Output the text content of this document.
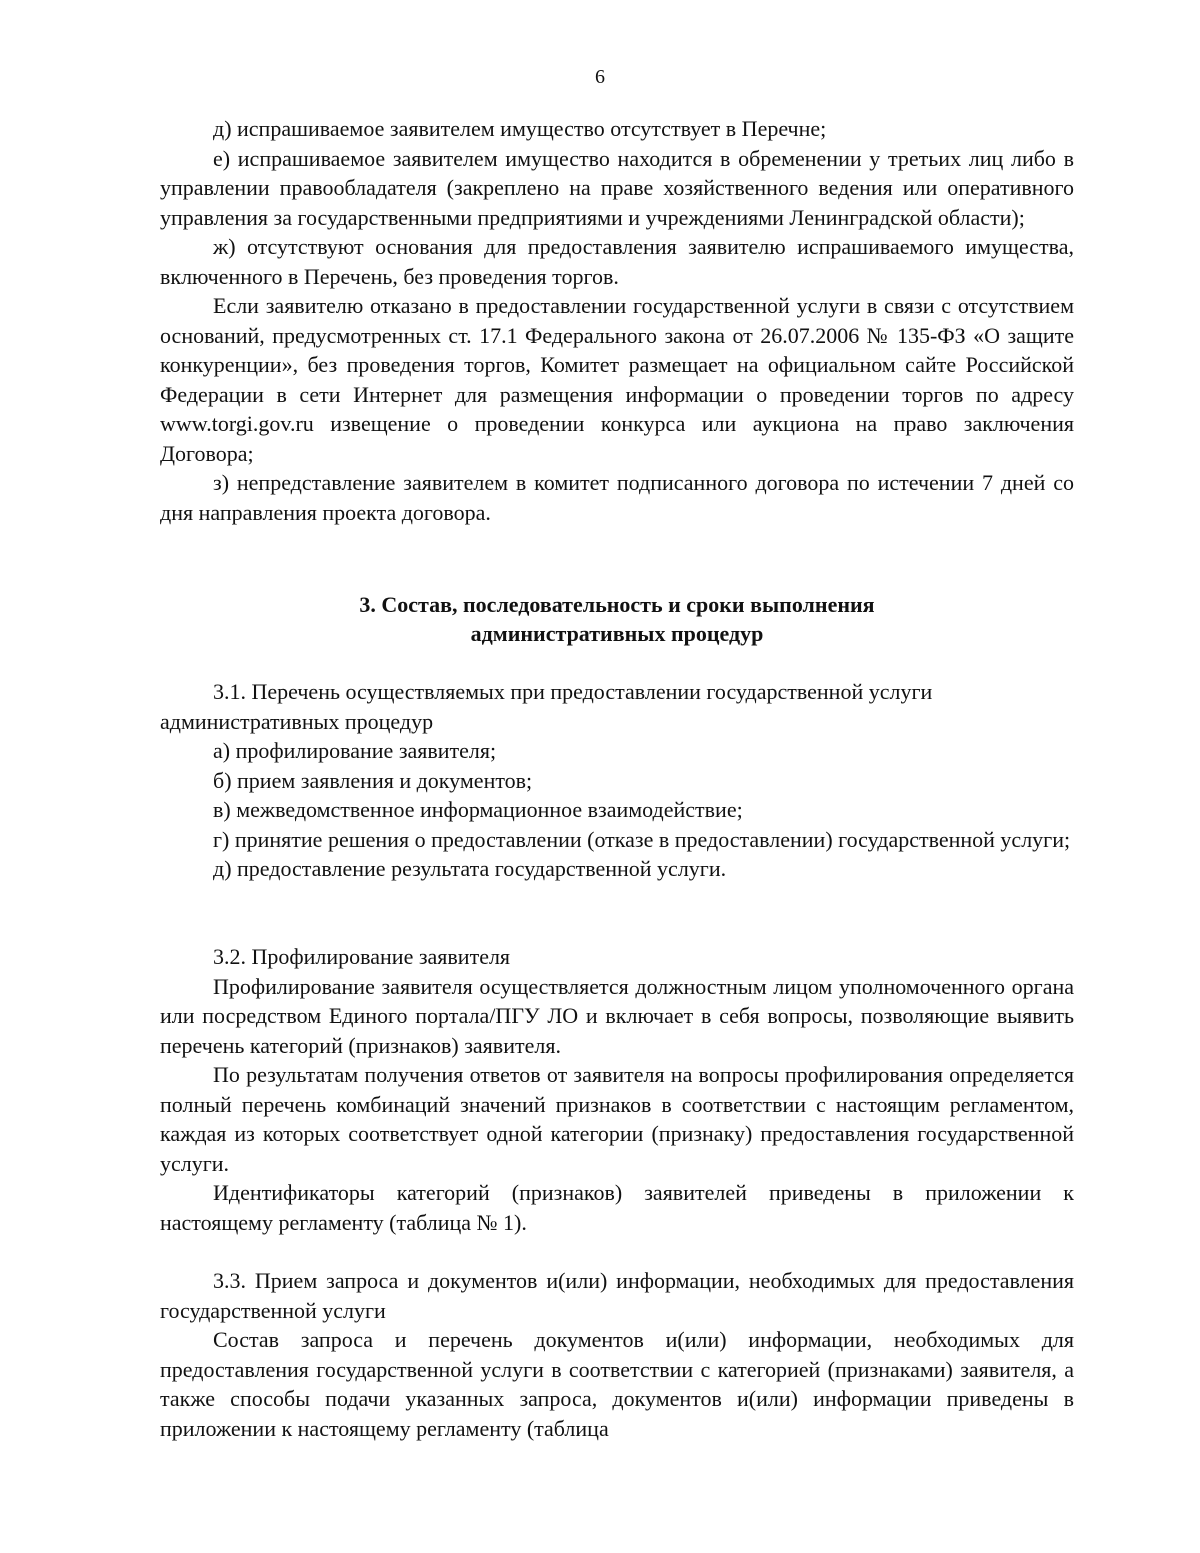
6

д) испрашиваемое заявителем имущество отсутствует в Перечне;

е) испрашиваемое заявителем имущество находится в обременении у третьих лиц либо в управлении правообладателя (закреплено на праве хозяйственного ведения или оперативного управления за государственными предприятиями и учреждениями Ленинградской области);

ж) отсутствуют основания для предоставления заявителю испрашиваемого имущества, включенного в Перечень, без проведения торгов.

Если заявителю отказано в предоставлении государственной услуги в связи с отсутствием оснований, предусмотренных ст. 17.1 Федерального закона от 26.07.2006 № 135-ФЗ «О защите конкуренции», без проведения торгов, Комитет размещает на официальном сайте Российской Федерации в сети Интернет для размещения информации о проведении торгов по адресу www.torgi.gov.ru извещение о проведении конкурса или аукциона на право заключения Договора;

з) непредставление заявителем в комитет подписанного договора по истечении 7 дней со дня направления проекта договора.

3. Состав, последовательность и сроки выполнения
административных процедур

3.1. Перечень осуществляемых при предоставлении государственной услуги административных процедур

а) профилирование заявителя;

б) прием заявления и документов;

в) межведомственное информационное взаимодействие;

г) принятие решения о предоставлении (отказе в предоставлении) государственной услуги;

д) предоставление результата государственной услуги.

3.2. Профилирование заявителя

Профилирование заявителя осуществляется должностным лицом уполномоченного органа или посредством Единого портала/ПГУ ЛО и включает в себя вопросы, позволяющие выявить перечень категорий (признаков) заявителя.

По результатам получения ответов от заявителя на вопросы профилирования определяется полный перечень комбинаций значений признаков в соответствии с настоящим регламентом, каждая из которых соответствует одной категории (признаку) предоставления государственной услуги.

Идентификаторы категорий (признаков) заявителей приведены в приложении к настоящему регламенту (таблица № 1).

3.3. Прием запроса и документов и(или) информации, необходимых для предоставления государственной услуги

Состав запроса и перечень документов и(или) информации, необходимых для предоставления государственной услуги в соответствии с категорией (признаками) заявителя, а также способы подачи указанных запроса, документов и(или) информации приведены в приложении к настоящему регламенту (таблица
